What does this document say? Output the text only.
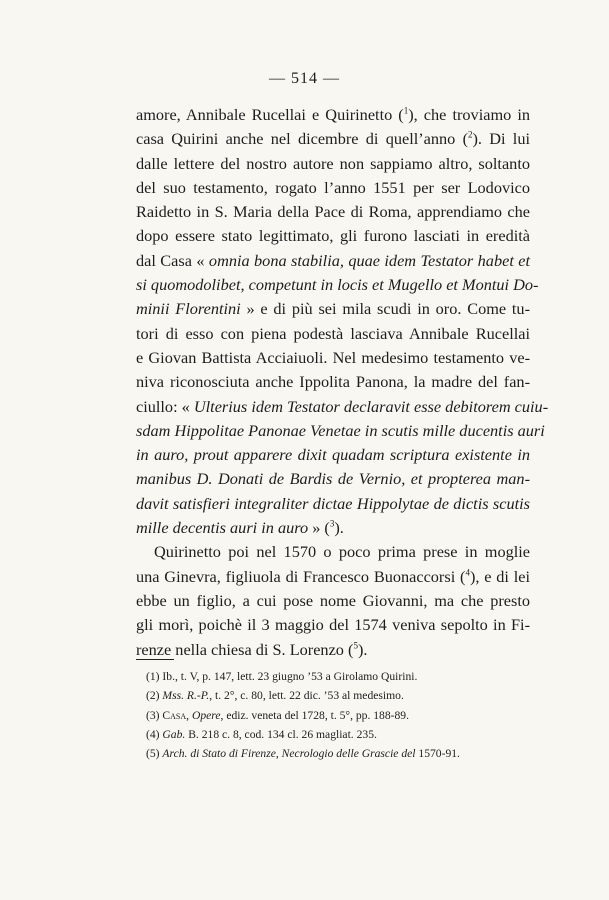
— 514 —
amore, Annibale Rucellai e Quirinetto ($^1$), che troviamo in
casa Quirini anche nel dicembre di quell’anno ($^2$). Di lui
dalle lettere del nostro autore non sappiamo altro, soltanto
del suo testamento, rogato l’anno 1551 per ser Lodovico
Raidetto in S. Maria della Pace di Roma, apprendiamo che
dopo essere stato legittimato, gli furono lasciati in eredità
dal Casa « omnia bona stabilia, quae idem Testator habet et
si quomodolibet, competunt in locis et Mugello et Montui Do-
minii Florentini » e di più sei mila scudi in oro. Come tu-
tori di esso con piena podestà lasciava Annibale Rucellai
e Giovan Battista Acciaiuoli. Nel medesimo testamento ve-
niva riconosciuta anche Ippolita Panona, la madre del fan-
ciullo: « Ulterius idem Testator declaravit esse debitorem cuiu-
sdam Hippolitae Panonae Venetae in scutis mille ducentis auri
in auro, prout apparere dixit quadam scriptura existente in
manibus D. Donati de Bardis de Vernio, et propterea man-
davit satisfieri integraliter dictae Hippolytae de dictis scutis
mille decentis auri in auro » ($^3$).
Quirinetto poi nel 1570 o poco prima prese in moglie
una Ginevra, figliuola di Francesco Buonaccorsi ($^4$), e di lei
ebbe un figlio, a cui pose nome Giovanni, ma che presto
gli morì, poichè il 3 maggio del 1574 veniva sepolto in Fi-
renze nella chiesa di S. Lorenzo ($^5$).
(1) Ib., t. V, p. 147, lett. 23 giugno ’53 a Girolamo Quirini.
(2) Mss. R.-P., t. 2°, c. 80, lett. 22 dic. ’53 al medesimo.
(3) Casa, Opere, ediz. veneta del 1728, t. 5°, pp. 188-89.
(4) Gab. B. 218 c. 8, cod. 134 cl. 26 magliat. 235.
(5) Arch. di Stato di Firenze, Necrologio delle Grascie del 1570-91.
